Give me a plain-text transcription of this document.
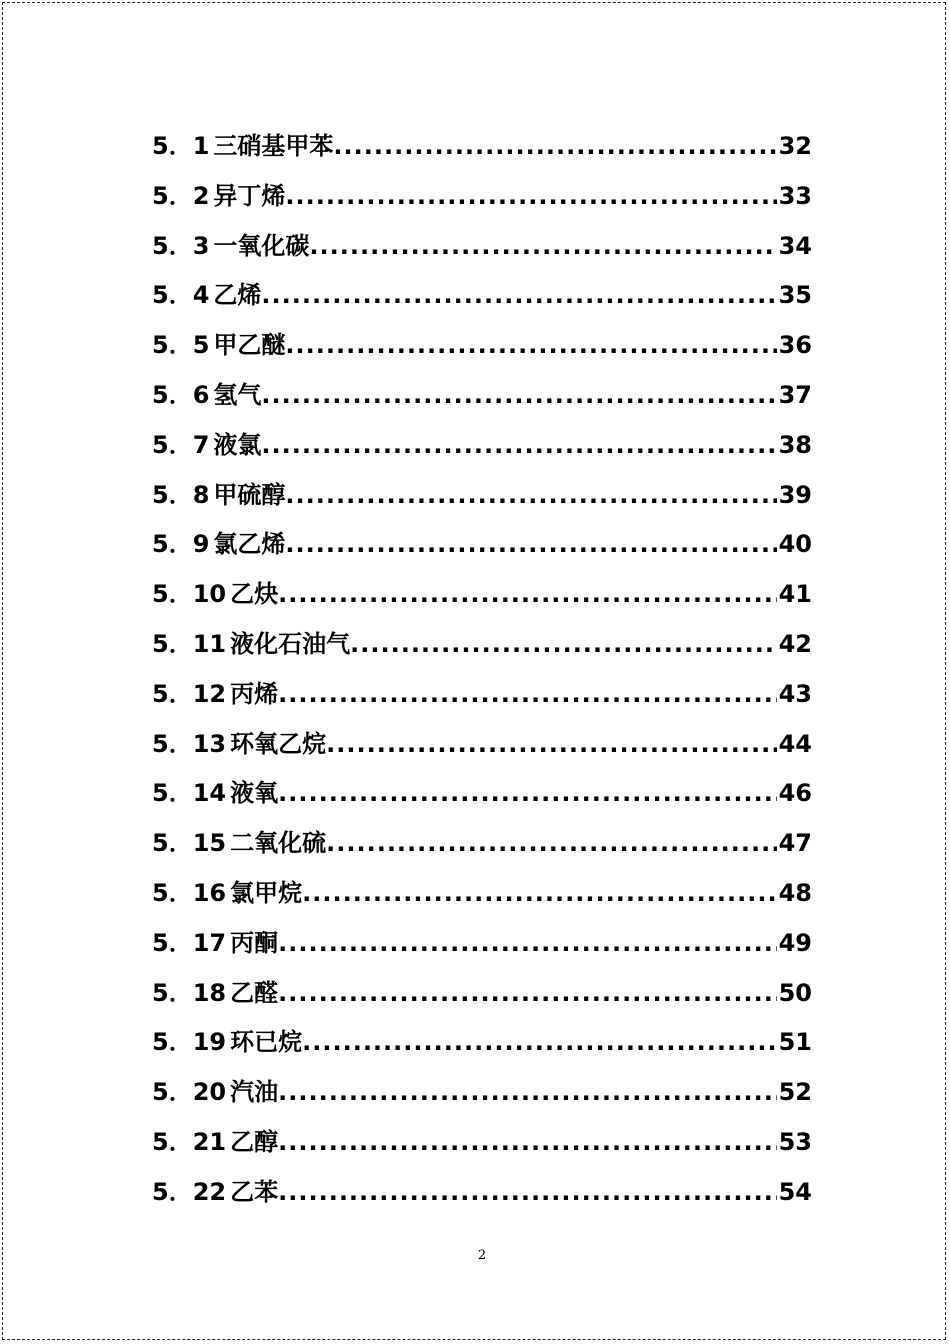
5．1 三硝基甲苯 .....	32
5．2 异丁烯 .....	33
5．3 一氧化碳 .....	34
5．4 乙烯 .....	35
5．5 甲乙醚 .....	36
5．6 氢气 .....	37
5．7 液氯 .....	38
5．8 甲硫醇 .....	39
5．9 氯乙烯 .....	40
5．10 乙炔 .....	41
5．11 液化石油气 .....	42
5．12 丙烯 .....	43
5．13 环氧乙烷 .....	44
5．14 液氧 .....	46
5．15 二氧化硫 .....	47
5．16 氯甲烷 .....	48
5．17 丙酮 .....	49
5．18 乙醛 .....	50
5．19 环已烷 .....	51
5．20 汽油 .....	52
5．21 乙醇 .....	53
5．22 乙苯 .....	54
2
